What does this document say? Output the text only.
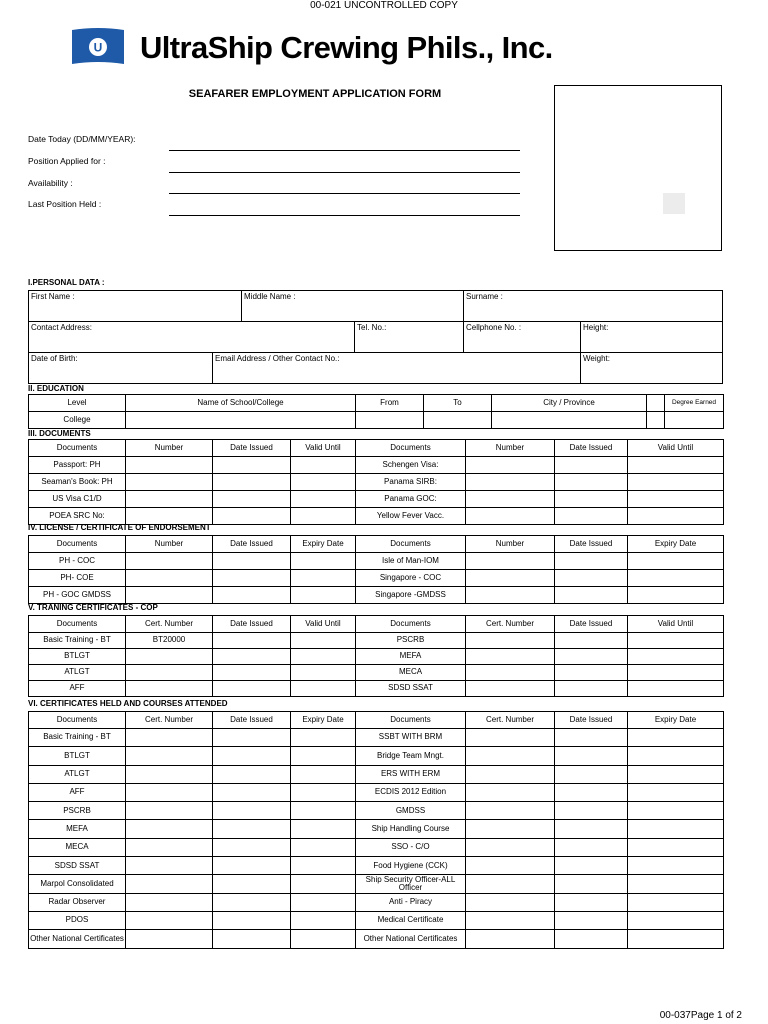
00-021 UNCONTROLLED COPY
U UltraShip Crewing Phils., Inc.
SEAFARER EMPLOYMENT APPLICATION FORM
Date Today (DD/MM/YEAR):
Position Applied for :
Availability :
Last Position Held :
I.PERSONAL DATA :
First Name :	Middle Name :	Surname :
Contact Address:	Tel. No.:	Cellphone No. :	Height:
Date of Birth:	Email Address / Other Contact No.:	Weight:
II. EDUCATION
Level	Name of School/College	From	To	City / Province		Degree Earned
College						
III. DOCUMENTS
Documents	Number	Date Issued	Valid Until	Documents	Number	Date Issued	Valid Until
Passport: PH				Schengen Visa:			
Seaman's Book: PH				Panama SIRB:			
US Visa C1/D				Panama GOC:			
POEA SRC No:				Yellow Fever Vacc.			
IV. LICENSE / CERTIFICATE OF ENDORSEMENT
Documents	Number	Date Issued	Expiry Date	Documents	Number	Date Issued	Expiry Date
PH - COC				Isle of Man-IOM			
PH- COE				Singapore - COC			
PH - GOC GMDSS				Singapore -GMDSS			
V. TRANING CERTIFICATES - COP
Documents	Cert. Number	Date Issued	Valid Until	Documents	Cert. Number	Date Issued	Valid Until
Basic Training - BT	BT20000			PSCRB			
BTLGT				MEFA			
ATLGT				MECA			
AFF				SDSD SSAT			
VI. CERTIFICATES HELD AND COURSES ATTENDED
Documents	Cert. Number	Date Issued	Expiry Date	Documents	Cert. Number	Date Issued	Expiry Date
Basic Training - BT				SSBT WITH BRM			
BTLGT				Bridge Team Mngt.			
ATLGT				ERS WITH ERM			
AFF				ECDIS 2012 Edition			
PSCRB				GMDSS			
MEFA				Ship Handling Course			
MECA				SSO - C/O			
SDSD SSAT				Food Hygiene (CCK)			
Marpol Consolidated				Ship Security Officer-ALL Officer			
Radar Observer				Anti - Piracy			
PDOS				Medical Certificate			
Other National Certificates				Other National Certificates			
00-037Page 1 of 2
